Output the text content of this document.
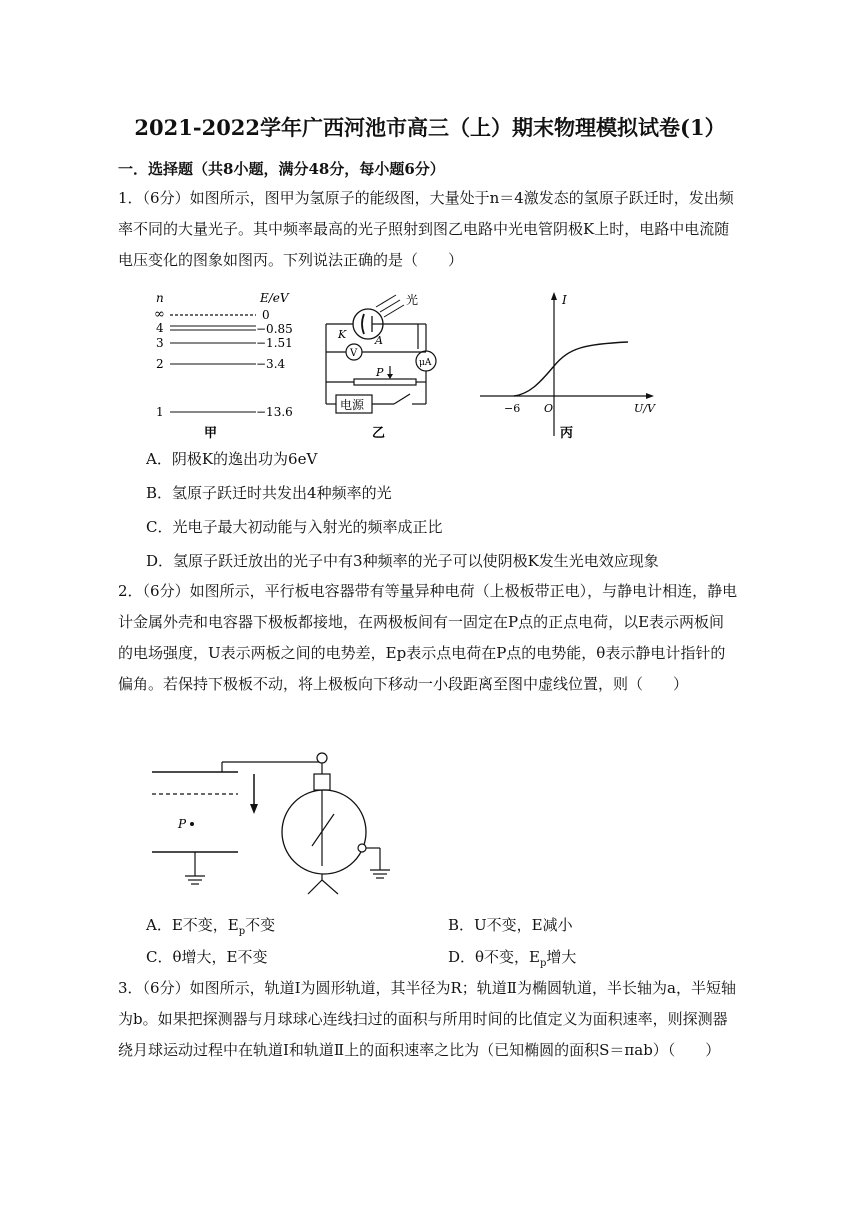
2021-2022学年广西河池市高三（上）期末物理模拟试卷(1）
一．选择题（共8小题，满分48分，每小题6分）
1．（6分）如图所示，图甲为氢原子的能级图，大量处于n＝4激发态的氢原子跃迁时，发出频率不同的大量光子。其中频率最高的光子照射到图乙电路中光电管阴极K上时，电路中电流随电压变化的图象如图丙。下列说法正确的是（　　）
n	E/eV
∞	0
4	−0.85
3	−1.51
2	−3.4
1	−13.6
甲
光
K	A
μA
V
P
电源
乙
I
U/V
−6 O
丙
A．阴极K的逸出功为6eV
B．氢原子跃迁时共发出4种频率的光
C．光电子最大初动能与入射光的频率成正比
D．氢原子跃迁放出的光子中有3种频率的光子可以使阴极K发生光电效应现象
2．（6分）如图所示，平行板电容器带有等量异种电荷（上极板带正电），与静电计相连，静电计金属外壳和电容器下极板都接地，在两极板间有一固定在P点的正点电荷，以E表示两板间的电场强度，U表示两板之间的电势差，Ep表示点电荷在P点的电势能，θ表示静电计指针的偏角。若保持下极板不动，将上极板向下移动一小段距离至图中虚线位置，则（　　）
P
A．E不变，$E_p$不变	B．U不变，E减小
C．θ增大，E不变	D．θ不变，$E_p$增大
3．（6分）如图所示，轨道Ⅰ为圆形轨道，其半径为R；轨道Ⅱ为椭圆轨道，半长轴为a，半短轴为b。如果把探测器与月球球心连线扫过的面积与所用时间的比值定义为面积速率，则探测器绕月球运动过程中在轨道Ⅰ和轨道Ⅱ上的面积速率之比为（已知椭圆的面积S＝πab）（　　）
